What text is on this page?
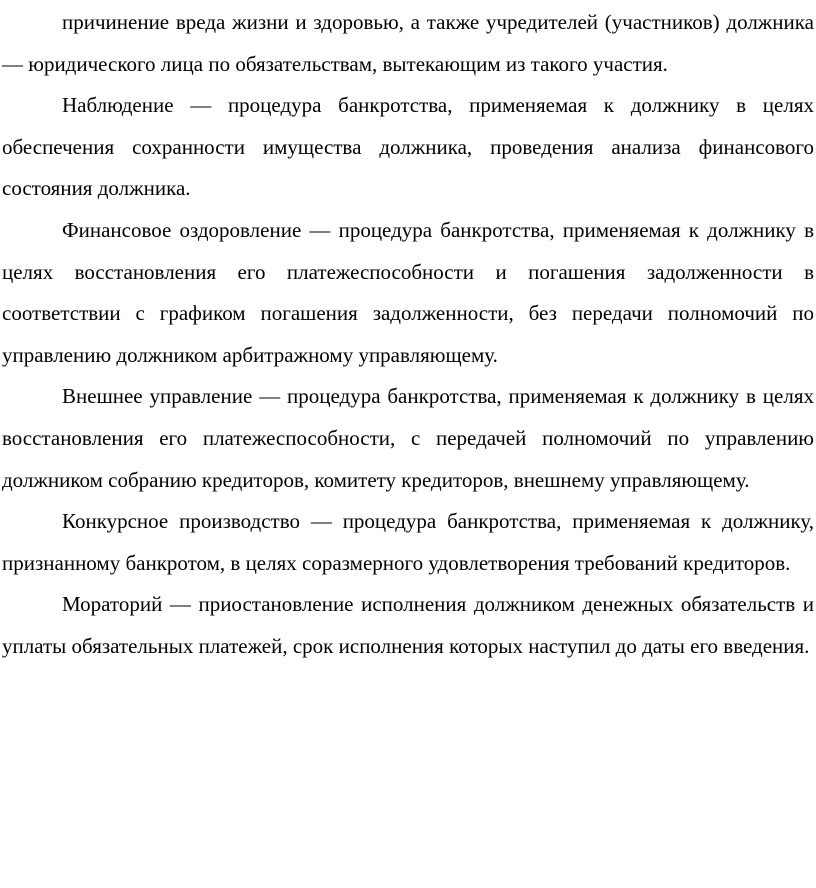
причинение вреда жизни и здоровью, а также учредителей (участников) должника — юридического лица по обязательствам, вытекающим из такого участия.

Наблюдение — процедура банкротства, применяемая к должнику в целях обеспечения сохранности имущества должника, проведения анализа финансового состояния должника.

Финансовое оздоровление — процедура банкротства, применяемая к должнику в целях восстановления его платежеспособности и погашения задолженности в соответствии с графиком погашения задолженности, без передачи полномочий по управлению должником арбитражному управляющему.

Внешнее управление — процедура банкротства, применяемая к должнику в целях восстановления его платежеспособности, с передачей полномочий по управлению должником собранию кредиторов, комитету кредиторов, внешнему управляющему.

Конкурсное производство — процедура банкротства, применяемая к должнику, признанному банкротом, в целях соразмерного удовлетворения требований кредиторов.

Мораторий — приостановление исполнения должником денежных обязательств и уплаты обязательных платежей, срок исполнения которых наступил до даты его введения.
